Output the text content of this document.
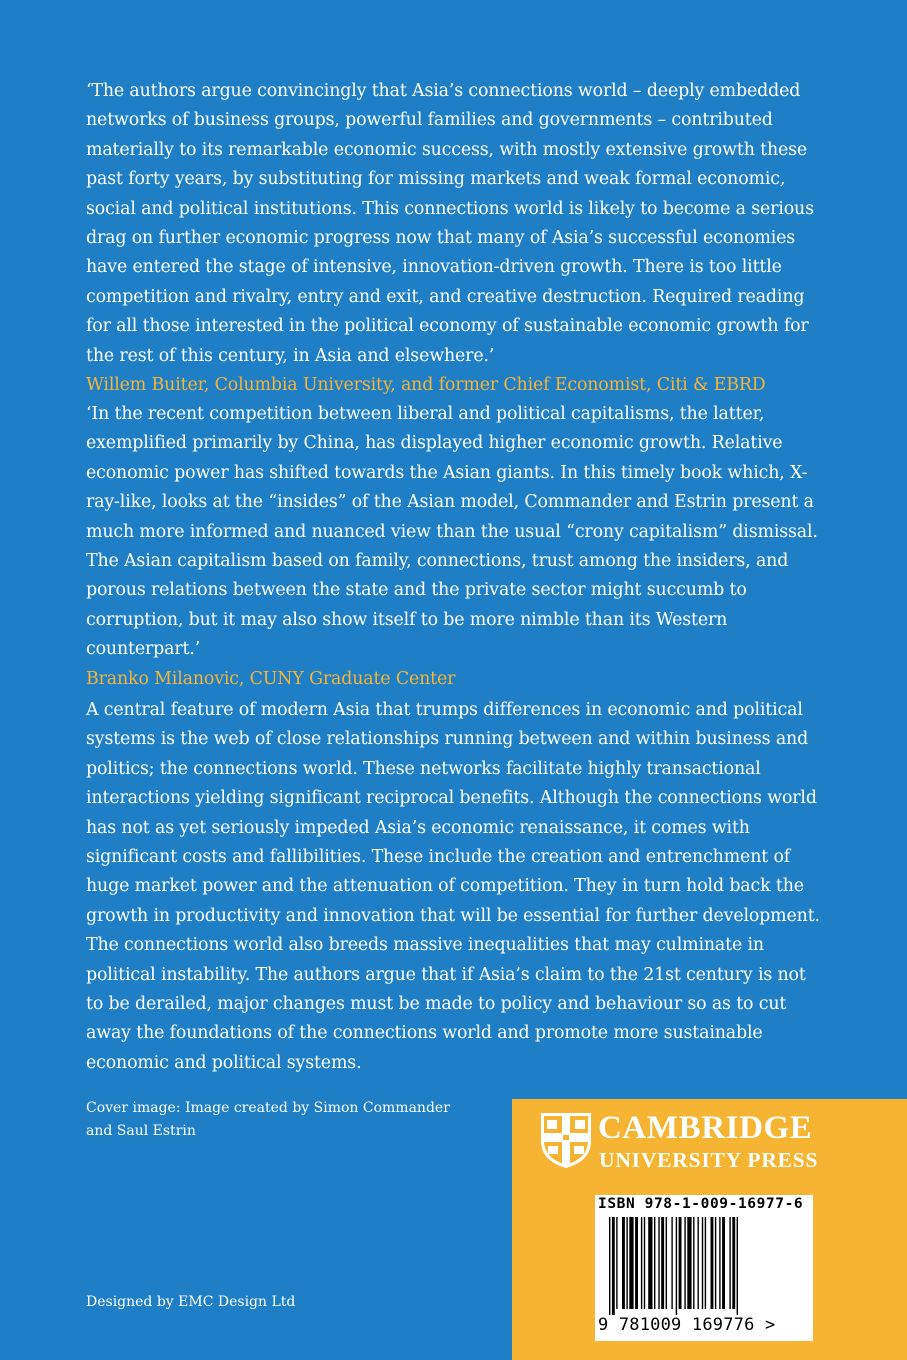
‘The authors argue convincingly that Asia’s connections world – deeply embedded networks of business groups, powerful families and governments – contributed materially to its remarkable economic success, with mostly extensive growth these past forty years, by substituting for missing markets and weak formal economic, social and political institutions. This connections world is likely to become a serious drag on further economic progress now that many of Asia’s successful economies have entered the stage of intensive, innovation-driven growth. There is too little competition and rivalry, entry and exit, and creative destruction. Required reading for all those interested in the political economy of sustainable economic growth for the rest of this century, in Asia and elsewhere.’

Willem Buiter, Columbia University, and former Chief Economist, Citi & EBRD

‘In the recent competition between liberal and political capitalisms, the latter, exemplified primarily by China, has displayed higher economic growth. Relative economic power has shifted towards the Asian giants. In this timely book which, X-ray-like, looks at the “insides” of the Asian model, Commander and Estrin present a much more informed and nuanced view than the usual “crony capitalism” dismissal. The Asian capitalism based on family, connections, trust among the insiders, and porous relations between the state and the private sector might succumb to corruption, but it may also show itself to be more nimble than its Western counterpart.’

Branko Milanovic, CUNY Graduate Center

A central feature of modern Asia that trumps differences in economic and political systems is the web of close relationships running between and within business and politics; the connections world. These networks facilitate highly transactional interactions yielding significant reciprocal benefits. Although the connections world has not as yet seriously impeded Asia’s economic renaissance, it comes with significant costs and fallibilities. These include the creation and entrenchment of huge market power and the attenuation of competition. They in turn hold back the growth in productivity and innovation that will be essential for further development. The connections world also breeds massive inequalities that may culminate in political instability. The authors argue that if Asia’s claim to the 21st century is not to be derailed, major changes must be made to policy and behaviour so as to cut away the foundations of the connections world and promote more sustainable economic and political systems.

Cover image: Image created by Simon Commander and Saul Estrin
Designed by EMC Design Ltd
CAMBRIDGE
UNIVERSITY PRESS
ISBN 978-1-009-16977-6
9 781009 169776 >
